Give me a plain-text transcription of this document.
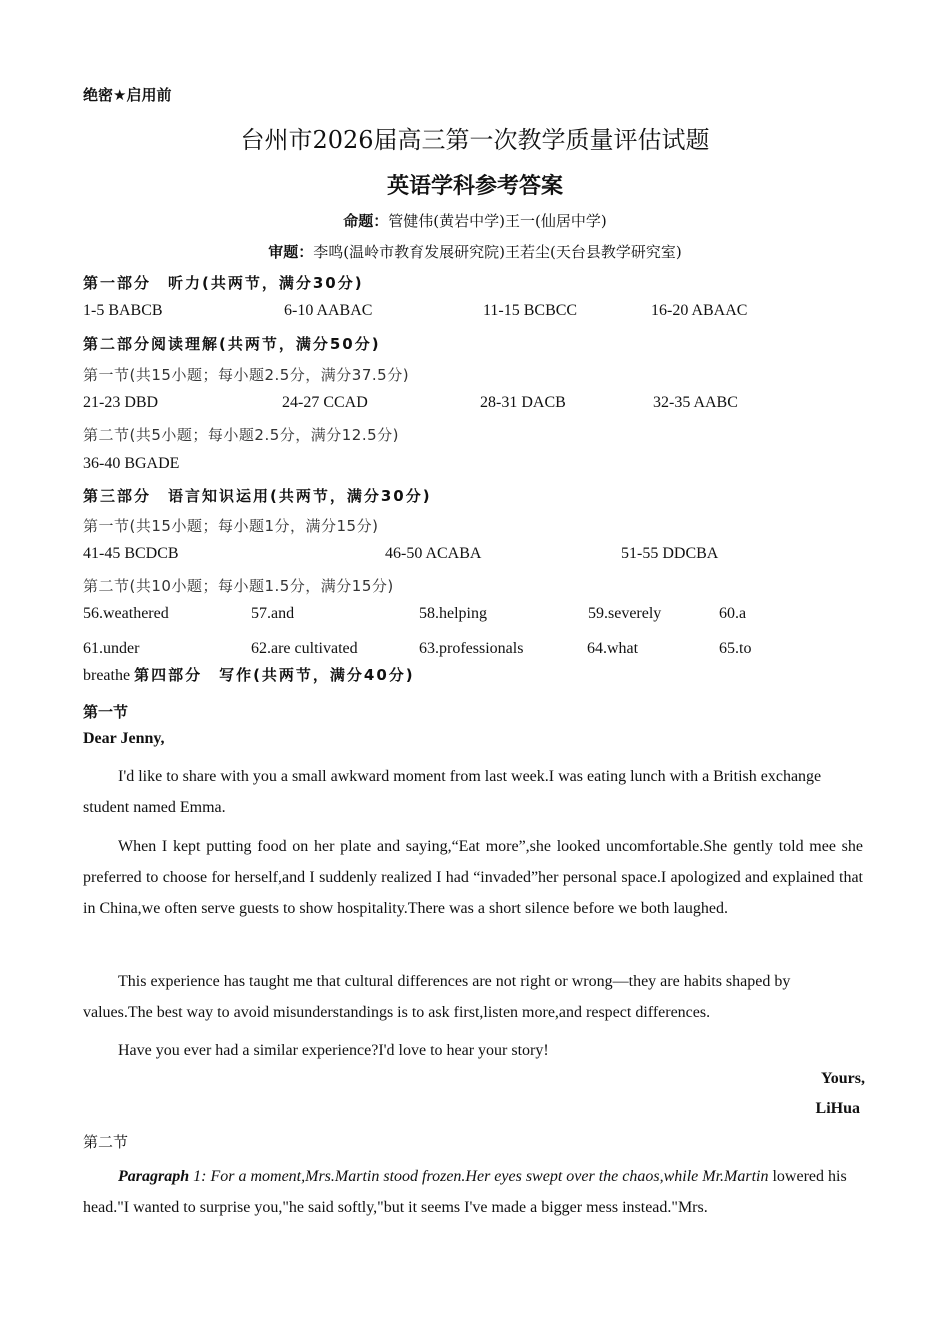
绝密★启用前
台州市2026届高三第一次教学质量评估试题
英语学科参考答案
命题：管健伟(黄岩中学)王一(仙居中学)
审题：李鸣(温岭市教育发展研究院)王若尘(天台县教学研究室)
第一部分　听力(共两节，满分30分)
1-5 BABCB	6-10 AABAC	11-15 BCBCC	16-20 ABAAC
第二部分阅读理解(共两节，满分50分)
第一节(共15小题；每小题2.5分，满分37.5分)
21-23 DBD	24-27 CCAD	28-31 DACB	32-35 AABC
第二节(共5小题；每小题2.5分，满分12.5分)
36-40 BGADE
第三部分　语言知识运用(共两节，满分30分)
第一节(共15小题；每小题1分，满分15分)
41-45 BCDCB	46-50 ACABA	51-55 DDCBA
第二节(共10小题；每小题1.5分，满分15分)
56.weathered	57.and	58.helping	59.severely	60.a
61.under	62.are cultivated	63.professionals	64.what	65.to
breathe 第四部分　写作(共两节，满分40分)
第一节
Dear Jenny,
I'd like to share with you a small awkward moment from last week.I was eating lunch with a British exchange student named Emma.
When I kept putting food on her plate and saying,“Eat more”,she looked uncomfortable.She gently told mee she preferred to choose for herself,and I suddenly realized I had “invaded”her personal space.I apologized and explained that in China,we often serve guests to show hospitality.There was a short silence before we both laughed.
This experience has taught me that cultural differences are not right or wrong—they are habits shaped by values.The best way to avoid misunderstandings is to ask first,listen more,and respect differences.
Have you ever had a similar experience?I'd love to hear your story!
Yours,
LiHua
第二节
Paragraph 1: For a moment,Mrs.Martin stood frozen.Her eyes swept over the chaos,while Mr.Martin lowered his head."I wanted to surprise you,"he said softly,"but it seems I've made a bigger mess instead."Mrs.
